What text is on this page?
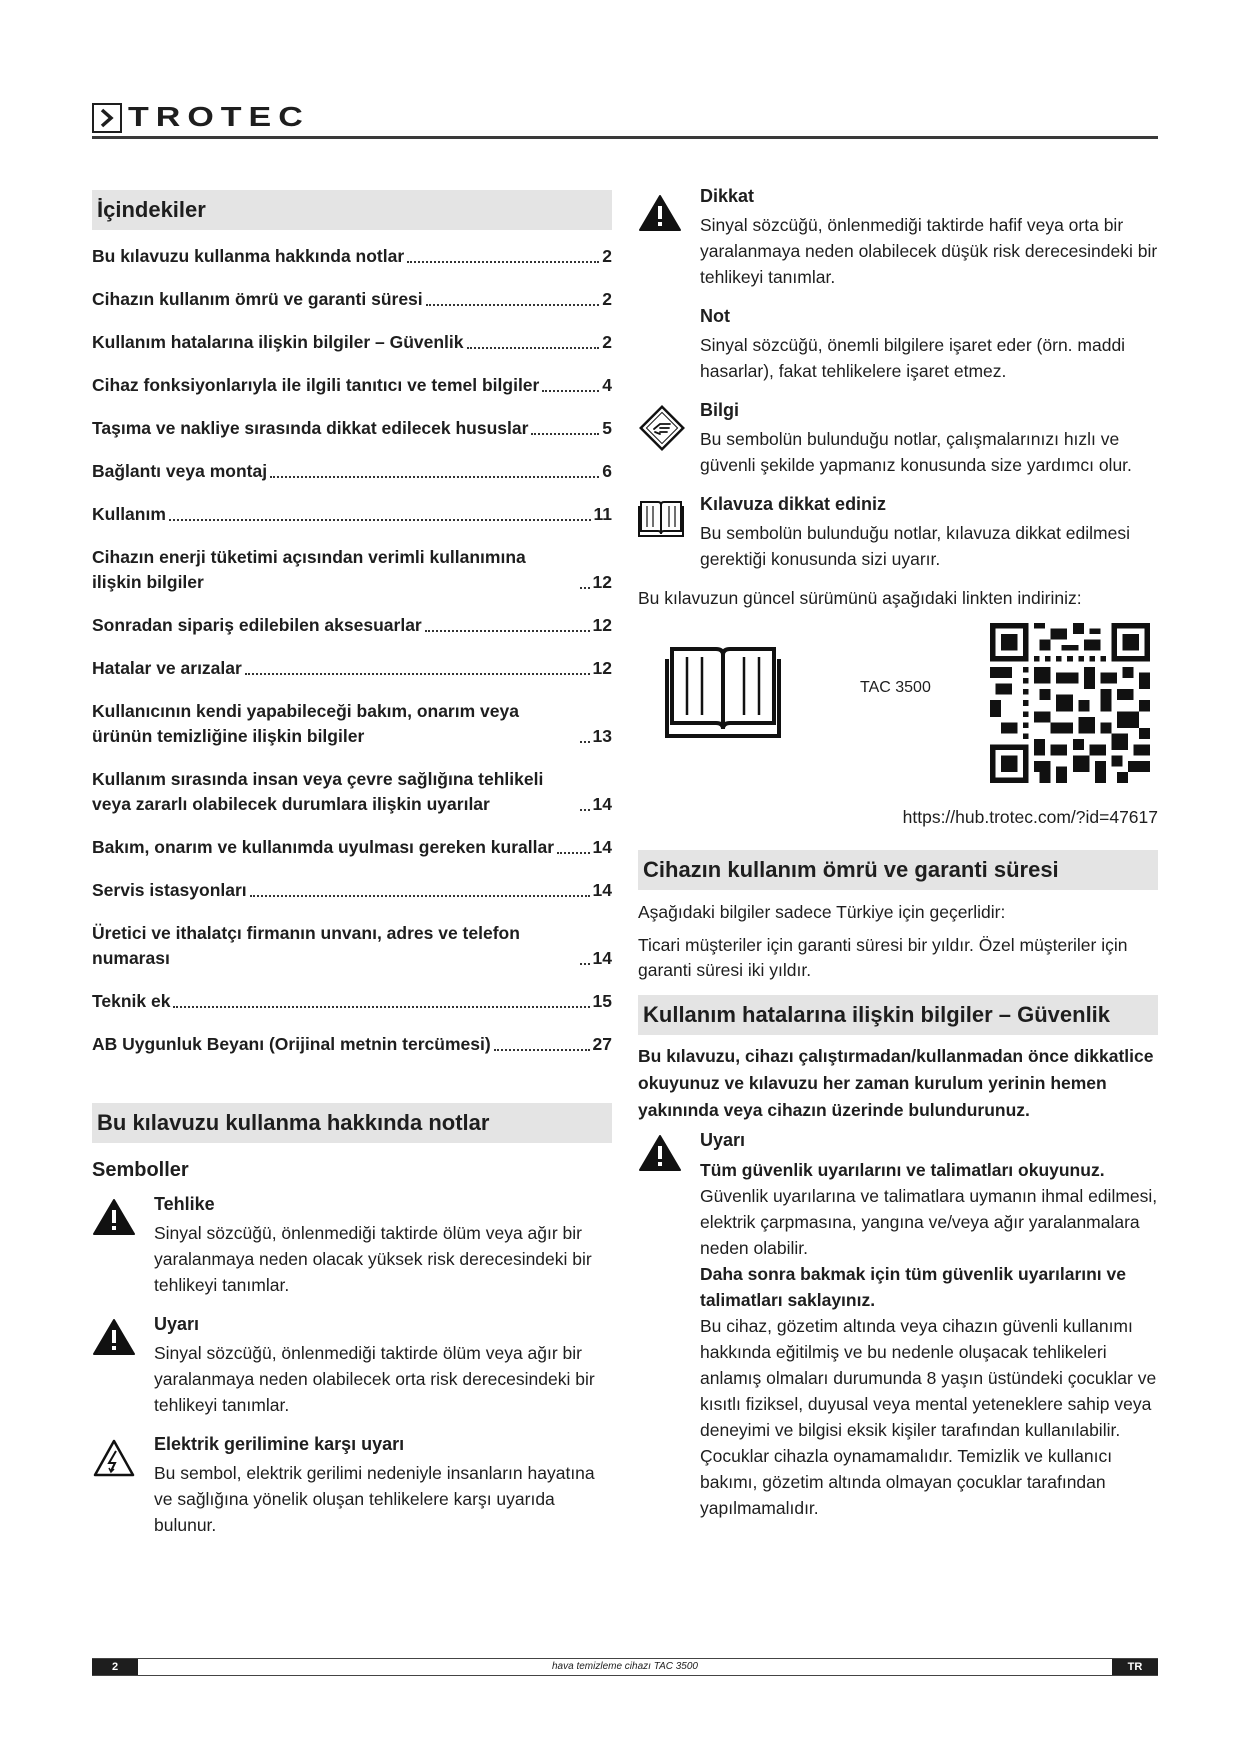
TROTEC
İçindekiler
Bu kılavuzu kullanma hakkında notlar	2
Cihazın kullanım ömrü ve garanti süresi	2
Kullanım hatalarına ilişkin bilgiler – Güvenlik	2
Cihaz fonksiyonlarıyla ile ilgili tanıtıcı ve temel bilgiler	4
Taşıma ve nakliye sırasında dikkat edilecek hususlar	5
Bağlantı veya montaj	6
Kullanım	11
Cihazın enerji tüketimi açısından verimli kullanımına ilişkin bilgiler	12
Sonradan sipariş edilebilen aksesuarlar	12
Hatalar ve arızalar	12
Kullanıcının kendi yapabileceği bakım, onarım veya ürünün temizliğine ilişkin bilgiler	13
Kullanım sırasında insan veya çevre sağlığına tehlikeli veya zararlı olabilecek durumlara ilişkin uyarılar	14
Bakım, onarım ve kullanımda uyulması gereken kurallar 14
Servis istasyonları	14
Üretici ve ithalatçı firmanın unvanı, adres ve telefon numarası	14
Teknik ek	15
AB Uygunluk Beyanı (Orijinal metnin tercümesi)	27
Bu kılavuzu kullanma hakkında notlar
Semboller
Tehlike
Sinyal sözcüğü, önlenmediği taktirde ölüm veya ağır bir yaralanmaya neden olacak yüksek risk derecesindeki bir tehlikeyi tanımlar.
Uyarı
Sinyal sözcüğü, önlenmediği taktirde ölüm veya ağır bir yaralanmaya neden olabilecek orta risk derecesindeki bir tehlikeyi tanımlar.
Elektrik gerilimine karşı uyarı
Bu sembol, elektrik gerilimi nedeniyle insanların hayatına ve sağlığına yönelik oluşan tehlikelere karşı uyarıda bulunur.
Dikkat
Sinyal sözcüğü, önlenmediği taktirde hafif veya orta bir yaralanmaya neden olabilecek düşük risk derecesindeki bir tehlikeyi tanımlar.
Not
Sinyal sözcüğü, önemli bilgilere işaret eder (örn. maddi hasarlar), fakat tehlikelere işaret etmez.
Bilgi
Bu sembolün bulunduğu notlar, çalışmalarınızı hızlı ve güvenli şekilde yapmanız konusunda size yardımcı olur.
Kılavuza dikkat ediniz
Bu sembolün bulunduğu notlar, kılavuza dikkat edilmesi gerektiği konusunda sizi uyarır.
Bu kılavuzun güncel sürümünü aşağıdaki linkten indiriniz:
TAC 3500
https://hub.trotec.com/?id=47617
Cihazın kullanım ömrü ve garanti süresi
Aşağıdaki bilgiler sadece Türkiye için geçerlidir:
Ticari müşteriler için garanti süresi bir yıldır. Özel müşteriler için garanti süresi iki yıldır.
Kullanım hatalarına ilişkin bilgiler – Güvenlik
Bu kılavuzu, cihazı çalıştırmadan/kullanmadan önce dikkatlice okuyunuz ve kılavuzu her zaman kurulum yerinin hemen yakınında veya cihazın üzerinde bulundurunuz.
Uyarı
Tüm güvenlik uyarılarını ve talimatları okuyunuz.
Güvenlik uyarılarına ve talimatlara uymanın ihmal edilmesi, elektrik çarpmasına, yangına ve/veya ağır yaralanmalara neden olabilir.
Daha sonra bakmak için tüm güvenlik uyarılarını ve talimatları saklayınız.
Bu cihaz, gözetim altında veya cihazın güvenli kullanımı hakkında eğitilmiş ve bu nedenle oluşacak tehlikeleri anlamış olmaları durumunda 8 yaşın üstündeki çocuklar ve kısıtlı fiziksel, duyusal veya mental yeteneklere sahip veya deneyimi ve bilgisi eksik kişiler tarafından kullanılabilir.
Çocuklar cihazla oynamamalıdır. Temizlik ve kullanıcı bakımı, gözetim altında olmayan çocuklar tarafından yapılmamalıdır.
hava temizleme cihazı TAC 3500
2	TR
